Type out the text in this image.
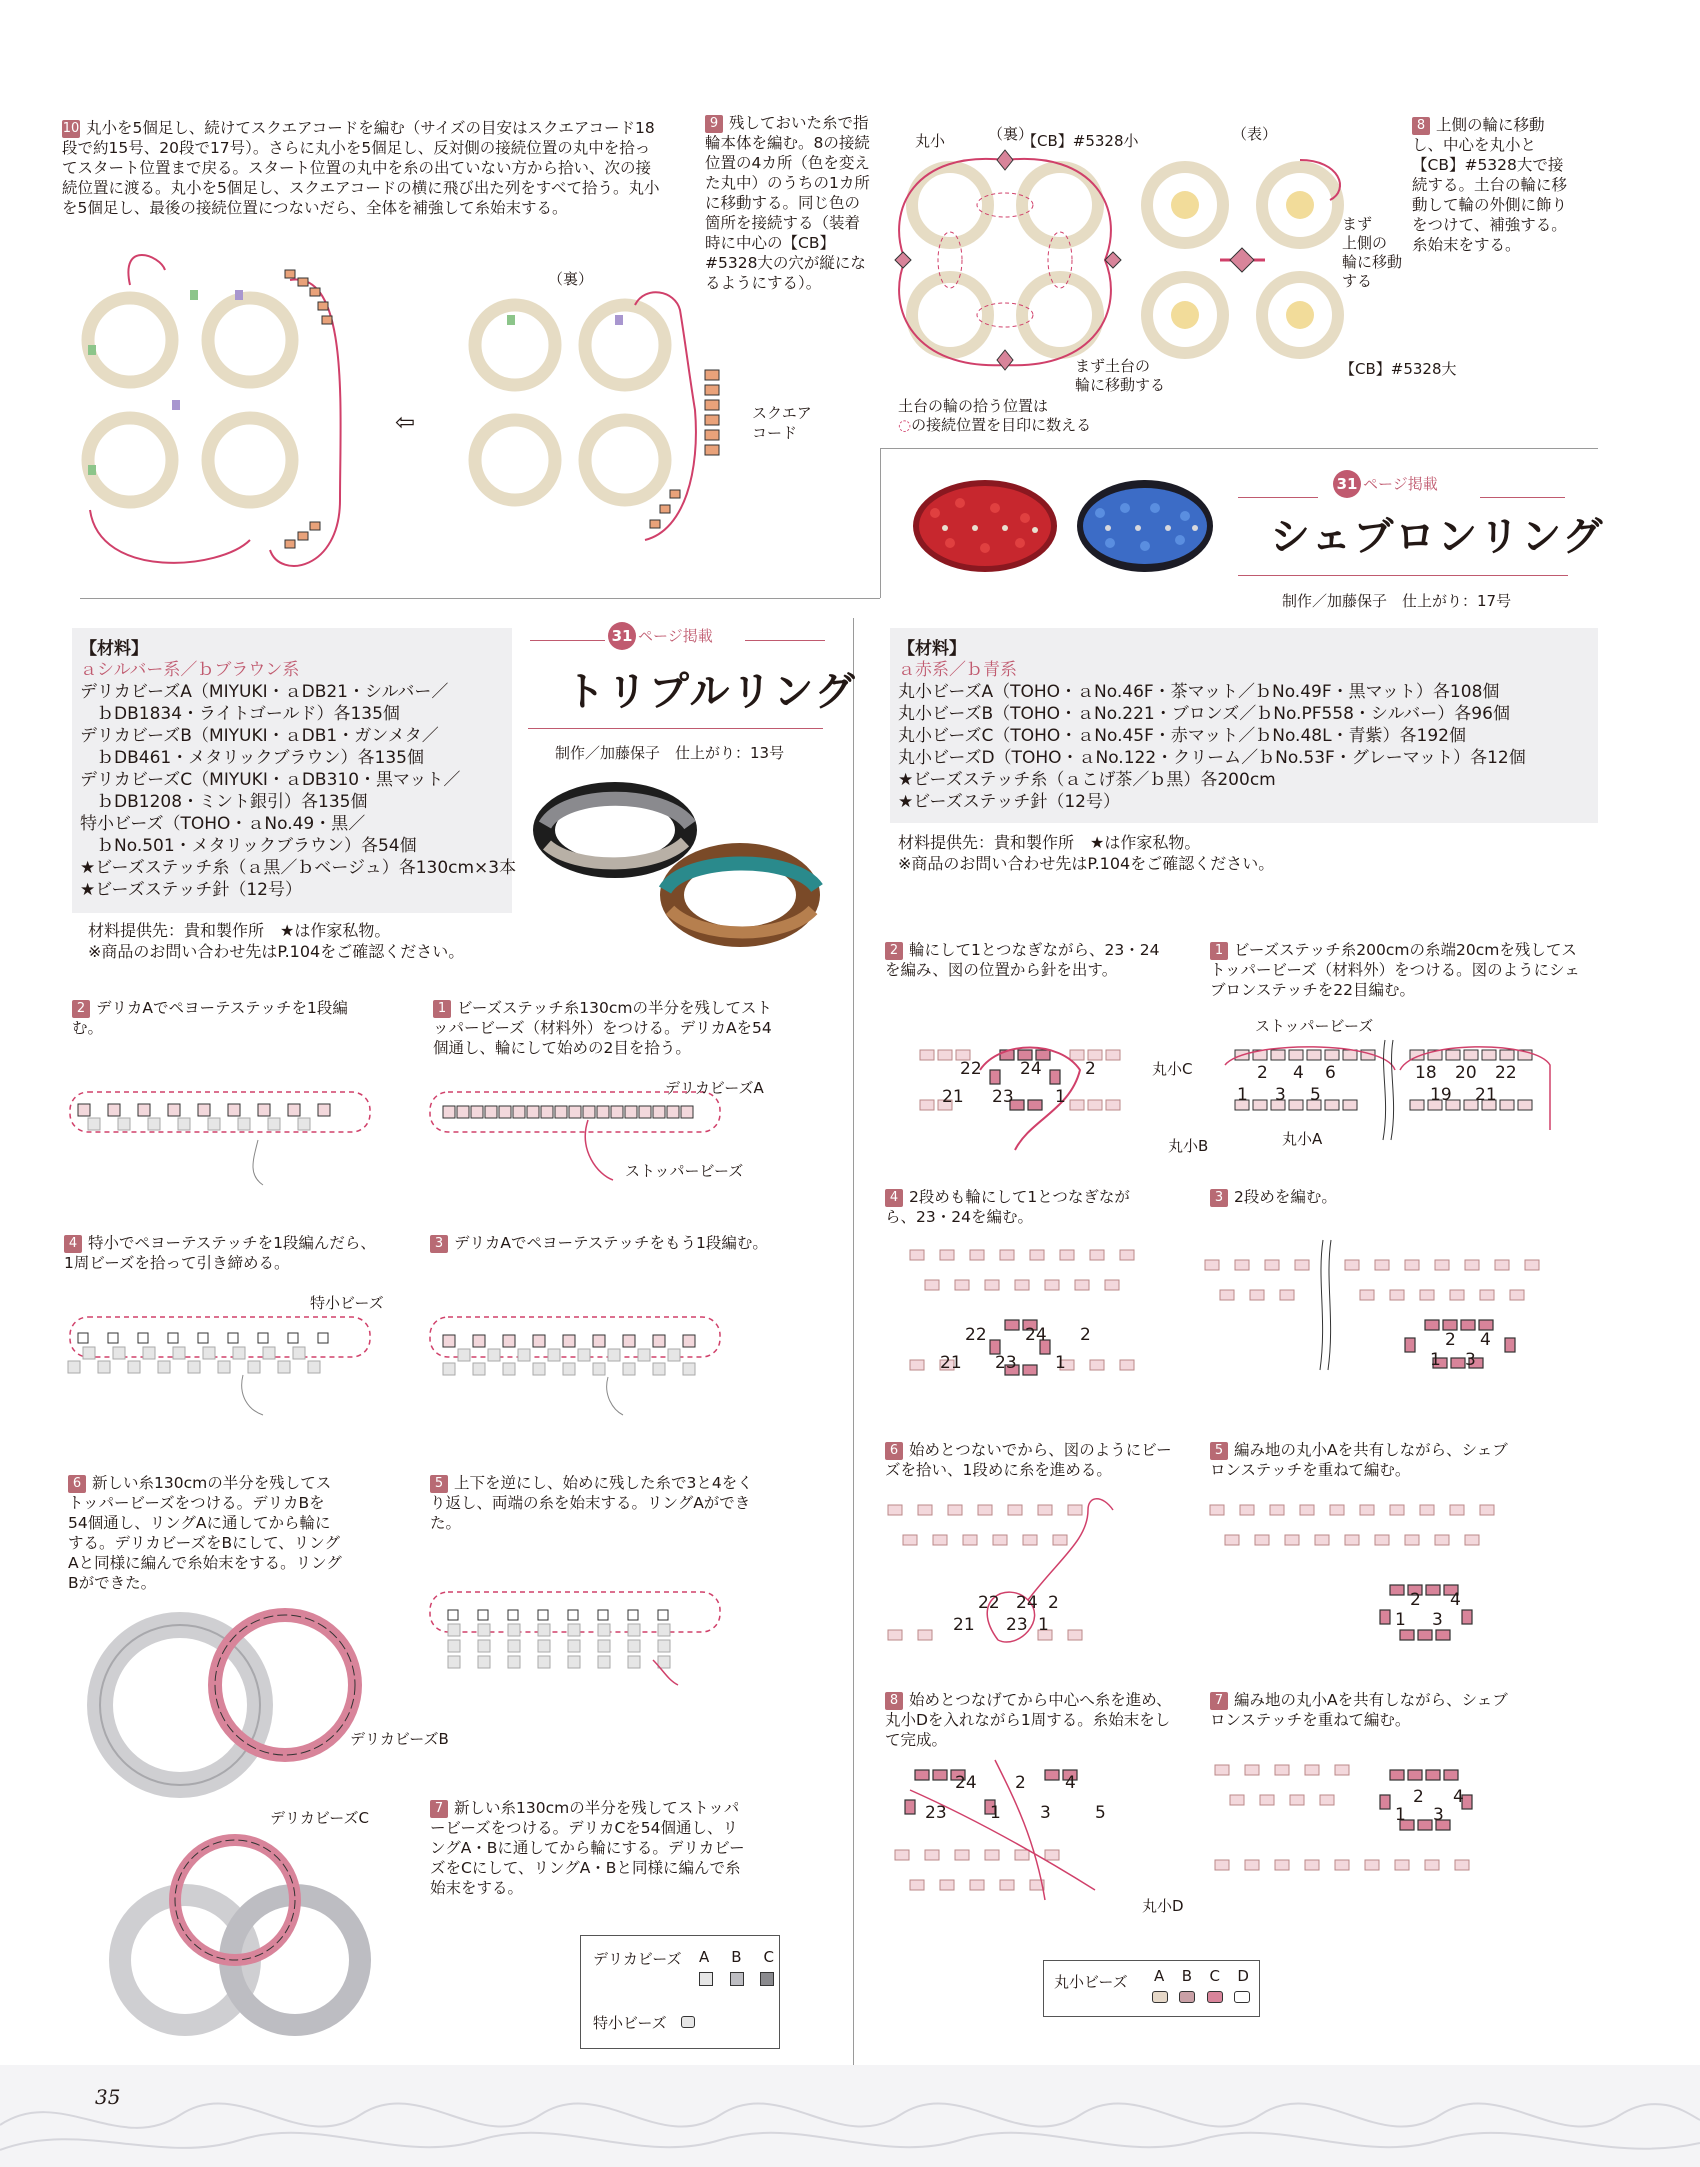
10 丸小を5個足し、続けてスクエアコードを編む（サイズの目安はスクエアコード18段で約15号、20段で17号）。さらに丸小を5個足し、反対側の接続位置の丸中を拾ってスタート位置まで戻る。スタート位置の丸中を糸の出ていない方から拾い、次の接続位置に渡る。丸小を5個足し、スクエアコードの横に飛び出た列をすべて拾う。丸小を5個足し、最後の接続位置につないだら、全体を補強して糸始末する。
9 残しておいた糸で指輪本体を編む。8の接続位置の4カ所（色を変えた丸中）のうちの1カ所に移動する。同じ色の箇所を接続する（装着時に中心の【CB】#5328大の穴が縦になるようにする）。
8 上側の輪に移動し、中心を丸小と【CB】#5328大で接続する。土台の輪に移動して輪の外側に飾りをつけて、補強する。糸始末をする。
⇦
（裏）
スクエア
コード
丸小	（裏）
【CB】#5328小	（表）
まず
上側の
輪に移動
する
まず土台の
輪に移動する
【CB】#5328大
土台の輪の拾う位置は
◌の接続位置を目印に数える
31 ページ掲載
シェブロンリング
制作／加藤保子　仕上がり：17号
【材料】
ａ赤系／ｂ青系
丸小ビーズA（TOHO・ａNo.46F・茶マット／ｂNo.49F・黒マット）各108個
丸小ビーズB（TOHO・ａNo.221・ブロンズ／ｂNo.PF558・シルバー）各96個
丸小ビーズC（TOHO・ａNo.45F・赤マット／ｂNo.48L・青紫）各192個
丸小ビーズD（TOHO・ａNo.122・クリーム／ｂNo.53F・グレーマット）各12個
★ビーズステッチ糸（ａこげ茶／ｂ黒）各200cm
★ビーズステッチ針（12号）
材料提供先：貴和製作所　★は作家私物。
※商品のお問い合わせ先はP.104をご確認ください。
【材料】
ａシルバー系／ｂブラウン系
デリカビーズA（MIYUKI・ａDB21・シルバー／
　ｂDB1834・ライトゴールド）各135個
デリカビーズB（MIYUKI・ａDB1・ガンメタ／
　ｂDB461・メタリックブラウン）各135個
デリカビーズC（MIYUKI・ａDB310・黒マット／
　ｂDB1208・ミント銀引）各135個
特小ビーズ（TOHO・ａNo.49・黒／
　ｂNo.501・メタリックブラウン）各54個
★ビーズステッチ糸（ａ黒／ｂベージュ）各130cm×3本
★ビーズステッチ針（12号）
材料提供先：貴和製作所　★は作家私物。
※商品のお問い合わせ先はP.104をご確認ください。
31 ページ掲載
トリプルリング
制作／加藤保子　仕上がり：13号
1 ビーズステッチ糸130cmの半分を残してストッパービーズ（材料外）をつける。デリカAを54個通し、輪にして始めの2目を拾う。
2 デリカAでペヨーテステッチを1段編む。
3 デリカAでペヨーテステッチをもう1段編む。
4 特小でペヨーテステッチを1段編んだら、1周ビーズを拾って引き締める。
5 上下を逆にし、始めに残した糸で3と4をくり返し、両端の糸を始末する。リングAができた。
6 新しい糸130cmの半分を残してストッパービーズをつける。デリカBを54個通し、リングAに通してから輪にする。デリカビーズをBにして、リングAと同様に編んで糸始末をする。リングBができた。
7 新しい糸130cmの半分を残してストッパービーズをつける。デリカCを54個通し、リングA・Bに通してから輪にする。デリカビーズをCにして、リングA・Bと同様に編んで糸始末をする。
デリカビーズA
ストッパービーズ
特小ビーズ
デリカビーズB
デリカビーズC
デリカビーズ A B C
特小ビーズ
2 輪にして1とつなぎながら、23・24を編み、図の位置から針を出す。
1 ビーズステッチ糸200cmの糸端20cmを残してストッパービーズ（材料外）をつける。図のようにシェブロンステッチを22目編む。
4 2段めも輪にして1とつなぎながら、23・24を編む。
3 2段めを編む。
6 始めとつないでから、図のようにビーズを拾い、1段めに糸を進める。
5 編み地の丸小Aを共有しながら、シェブロンステッチを重ねて編む。
8 始めとつなげてから中心へ糸を進め、丸小Dを入れながら1周する。糸始末をして完成。
7 編み地の丸小Aを共有しながら、シェブロンステッチを重ねて編む。
22 24	2
21 23 1
ストッパービーズ
丸小C
丸小B	丸小A
2 4 6	18 20 22
1 3 5	19 21
22 24 2
21 23 1
2 4
1 3
22 24 2
21 23 1
2 4
1 3
24 2 4
23	1 3	5
丸小D
2 4
1 3
丸小ビーズ A B C D
35
